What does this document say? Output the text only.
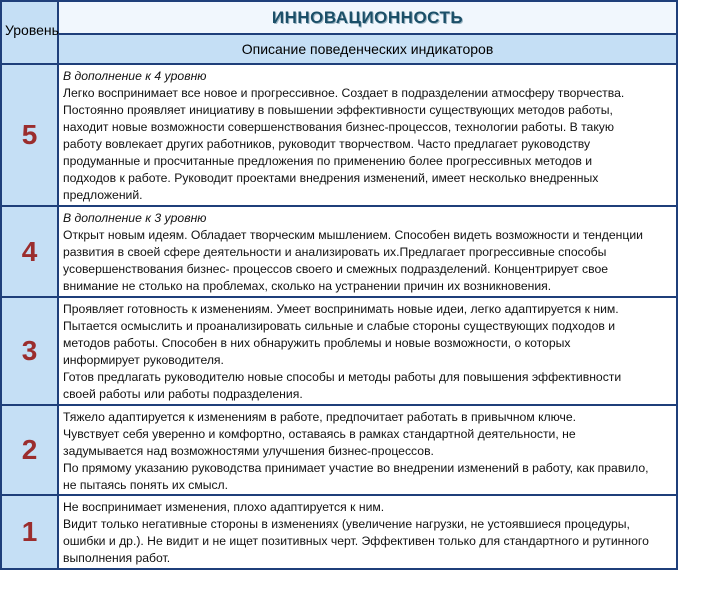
Уровень
ИННОВАЦИОННОСТЬ
Описание поведенческих индикаторов
5
В дополнение к 4 уровню
Легко воспринимает все новое и прогрессивное. Создает в подразделении атмосферу творчества.
Постоянно проявляет инициативу в повышении эффективности существующих методов работы,
находит новые возможности совершенствования бизнес-процессов, технологии работы. В такую
работу вовлекает других работников, руководит творчеством. Часто предлагает руководству
продуманные и просчитанные предложения по применению более прогрессивных методов и
подходов к работе. Руководит проектами внедрения изменений, имеет несколько внедренных
предложений.
4
В дополнение к 3 уровню
Открыт новым идеям. Обладает творческим мышлением. Способен видеть возможности и тенденции
развития в своей сфере деятельности и анализировать их.Предлагает прогрессивные способы
усовершенствования бизнес- процессов своего и смежных подразделений. Концентрирует свое
внимание не столько на проблемах, сколько на устранении причин их возникновения.
3
Проявляет готовность к изменениям. Умеет воспринимать новые идеи, легко адаптируется к ним.
Пытается осмыслить и проанализировать сильные и слабые стороны существующих подходов и
методов работы. Способен в них обнаружить проблемы и новые возможности, о которых
информирует руководителя.
Готов предлагать руководителю новые способы и методы работы для повышения эффективности
своей работы или работы подразделения.
2
Тяжело адаптируется к изменениям в работе, предпочитает работать в привычном ключе.
Чувствует себя уверенно и комфортно, оставаясь в рамках стандартной деятельности, не
задумывается над возможностями улучшения бизнес-процессов.
По прямому указанию руководства принимает участие во внедрении изменений в работу, как правило,
не пытаясь понять их смысл.
1
Не воспринимает изменения, плохо адаптируется к ним.
Видит только негативные стороны в изменениях (увеличение нагрузки, не устоявшиеся процедуры,
ошибки и др.). Не видит и не ищет позитивных черт. Эффективен только для стандартного и рутинного
выполнения работ.
